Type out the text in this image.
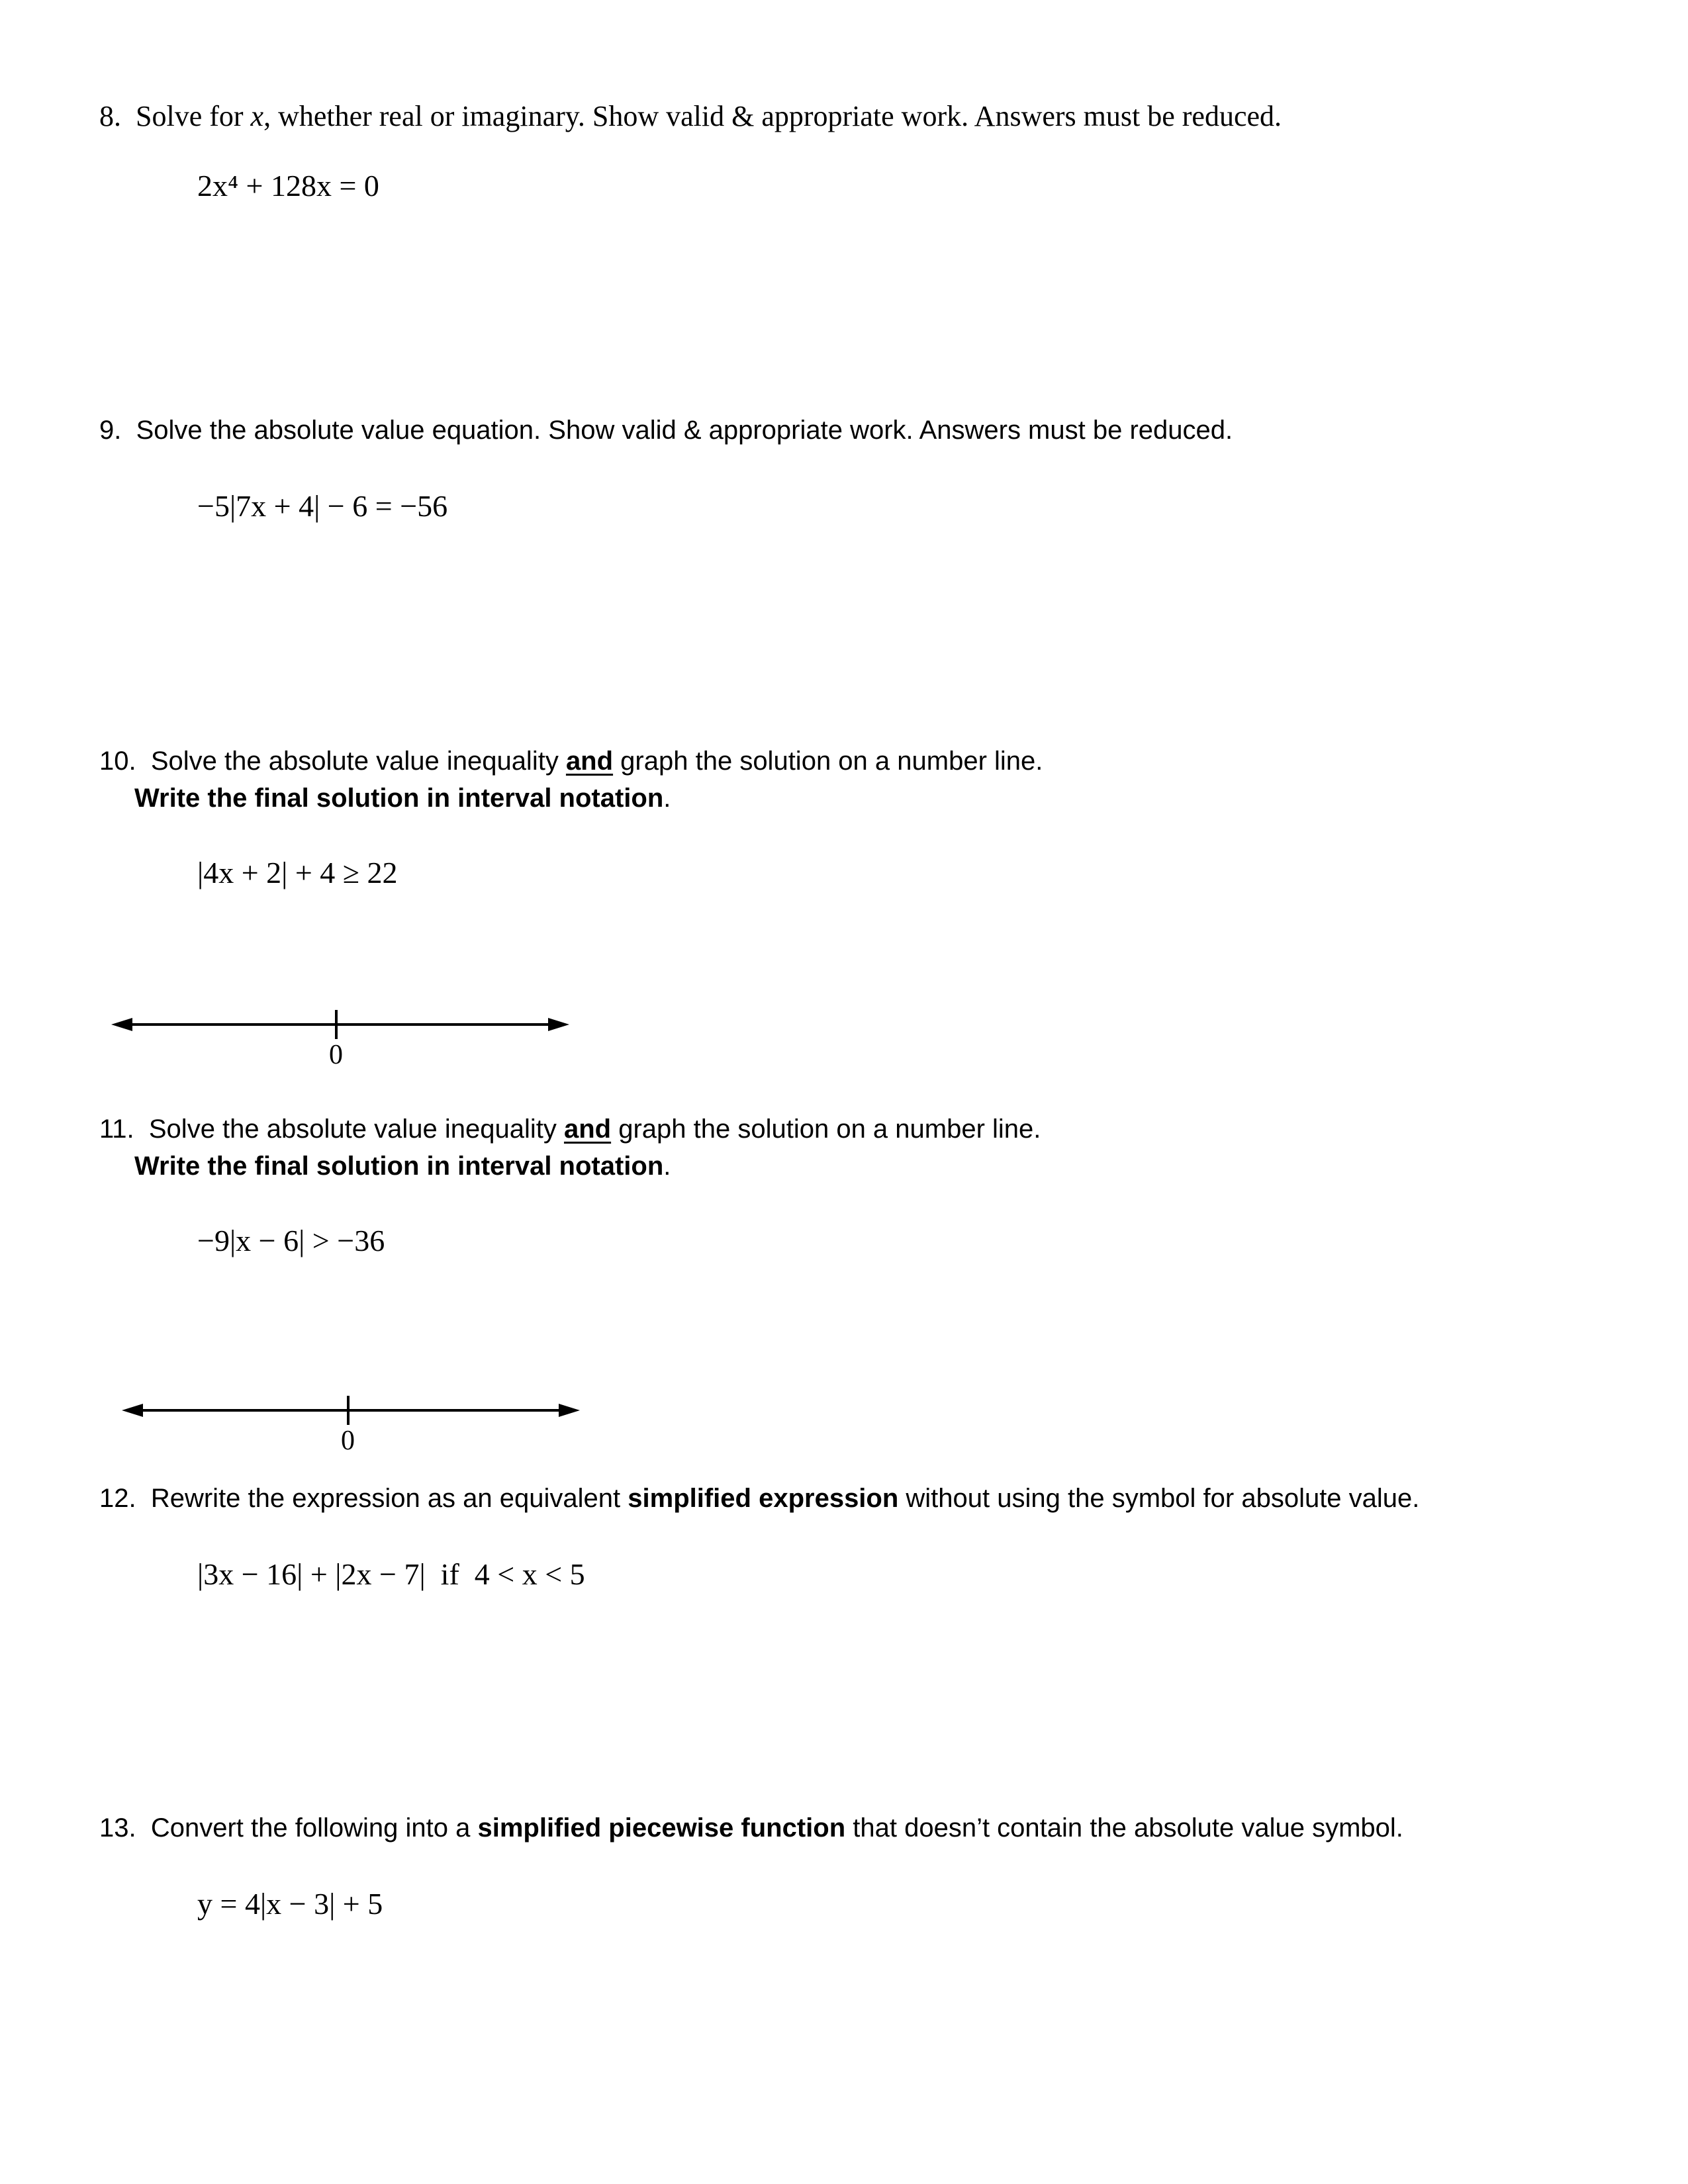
8. Solve for x, whether real or imaginary. Show valid & appropriate work. Answers must be reduced.
2x⁴ + 128x = 0
9. Solve the absolute value equation. Show valid & appropriate work. Answers must be reduced.
−5|7x + 4| − 6 = −56
10. Solve the absolute value inequality and graph the solution on a number line.
Write the final solution in interval notation.
|4x + 2| + 4 ≥ 22
0
11. Solve the absolute value inequality and graph the solution on a number line.
Write the final solution in interval notation.
−9|x − 6| > −36
0
12. Rewrite the expression as an equivalent simplified expression without using the symbol for absolute value.
|3x − 16| + |2x − 7| if 4 < x < 5
13. Convert the following into a simplified piecewise function that doesn’t contain the absolute value symbol.
y = 4|x − 3| + 5
